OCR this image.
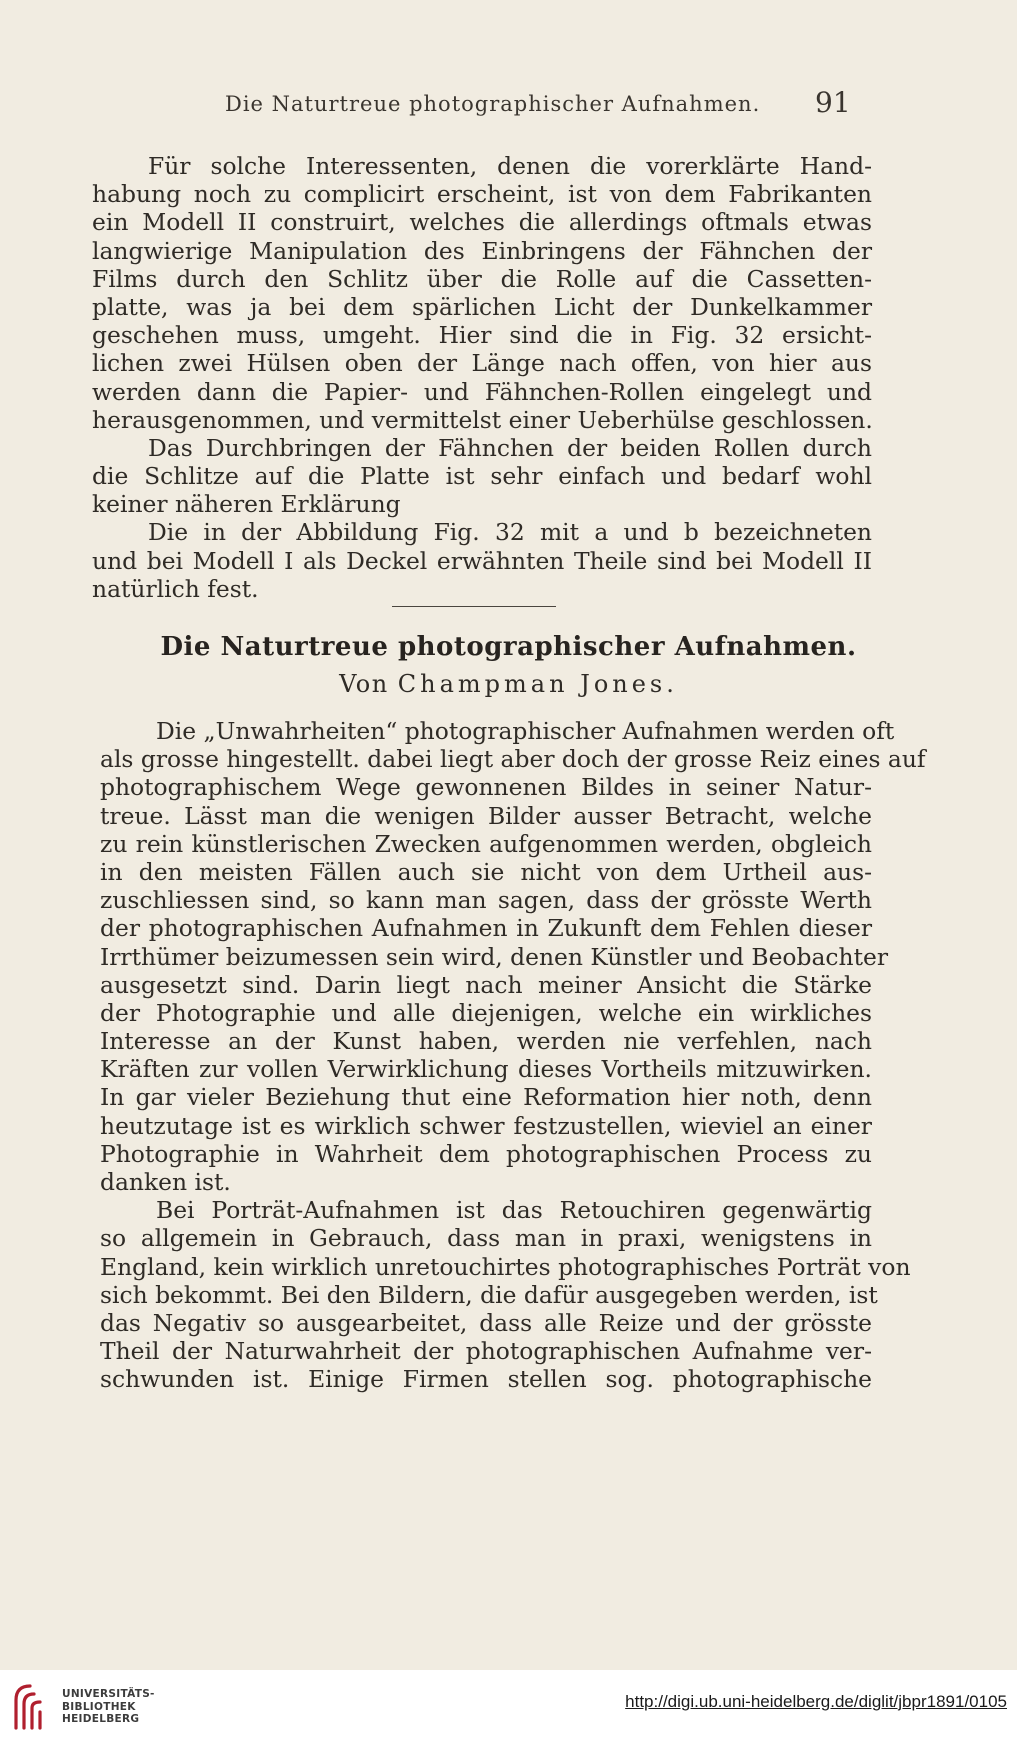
Die Naturtreue photographischer Aufnahmen. 91
Für solche Interessenten, denen die vorerklärte Hand-
habung noch zu complicirt erscheint, ist von dem Fabrikanten
ein Modell II construirt, welches die allerdings oftmals etwas
langwierige Manipulation des Einbringens der Fähnchen der
Films durch den Schlitz über die Rolle auf die Cassetten-
platte, was ja bei dem spärlichen Licht der Dunkelkammer
geschehen muss, umgeht. Hier sind die in Fig. 32 ersicht-
lichen zwei Hülsen oben der Länge nach offen, von hier aus
werden dann die Papier- und Fähnchen-Rollen eingelegt und
herausgenommen, und vermittelst einer Ueberhülse geschlossen.
Das Durchbringen der Fähnchen der beiden Rollen durch
die Schlitze auf die Platte ist sehr einfach und bedarf wohl
keiner näheren Erklärung
Die in der Abbildung Fig. 32 mit a und b bezeichneten
und bei Modell I als Deckel erwähnten Theile sind bei Modell II
natürlich fest.
Die Naturtreue photographischer Aufnahmen.
Von Champman Jones.
Die „Unwahrheiten“ photographischer Aufnahmen werden oft
als grosse hingestellt. dabei liegt aber doch der grosse Reiz eines auf
photographischem Wege gewonnenen Bildes in seiner Natur-
treue. Lässt man die wenigen Bilder ausser Betracht, welche
zu rein künstlerischen Zwecken aufgenommen werden, obgleich
in den meisten Fällen auch sie nicht von dem Urtheil aus-
zuschliessen sind, so kann man sagen, dass der grösste Werth
der photographischen Aufnahmen in Zukunft dem Fehlen dieser
Irrthümer beizumessen sein wird, denen Künstler und Beobachter
ausgesetzt sind. Darin liegt nach meiner Ansicht die Stärke
der Photographie und alle diejenigen, welche ein wirkliches
Interesse an der Kunst haben, werden nie verfehlen, nach
Kräften zur vollen Verwirklichung dieses Vortheils mitzuwirken.
In gar vieler Beziehung thut eine Reformation hier noth, denn
heutzutage ist es wirklich schwer festzustellen, wieviel an einer
Photographie in Wahrheit dem photographischen Process zu
danken ist.
Bei Porträt-Aufnahmen ist das Retouchiren gegenwärtig
so allgemein in Gebrauch, dass man in praxi, wenigstens in
England, kein wirklich unretouchirtes photographisches Porträt von
sich bekommt. Bei den Bildern, die dafür ausgegeben werden, ist
das Negativ so ausgearbeitet, dass alle Reize und der grösste
Theil der Naturwahrheit der photographischen Aufnahme ver-
schwunden ist. Einige Firmen stellen sog. photographische
UNIVERSITÄTS-
BIBLIOTHEK
HEIDELBERG
http://digi.ub.uni-heidelberg.de/diglit/jbpr1891/0105
